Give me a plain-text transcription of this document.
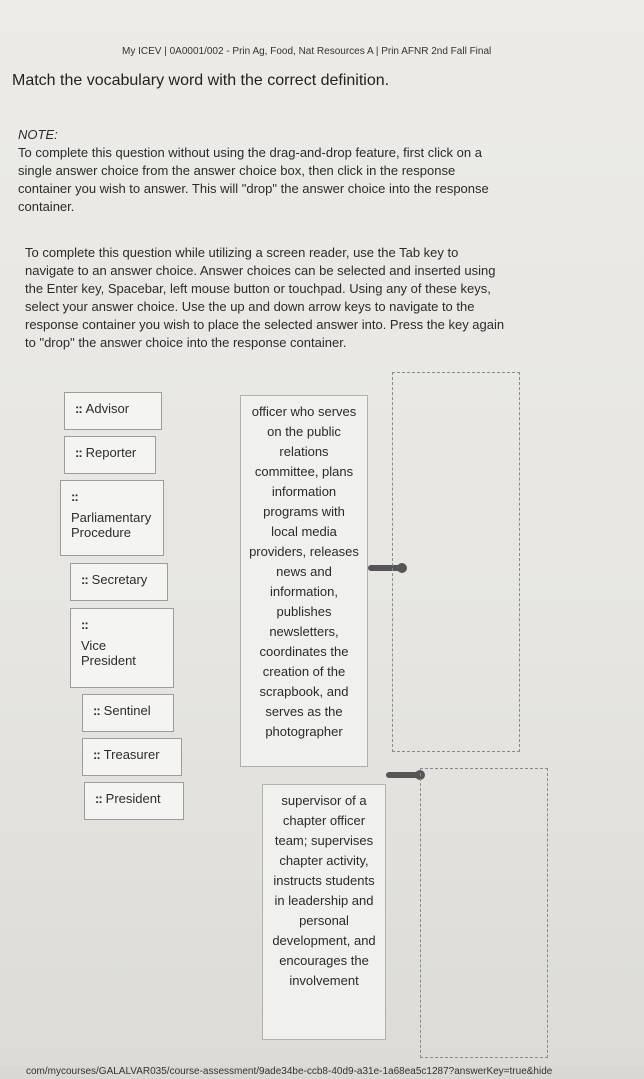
My ICEV | 0A0001/002 - Prin Ag, Food, Nat Resources A | Prin AFNR 2nd Fall Final
Match the vocabulary word with the correct definition.
NOTE:

To complete this question without using the drag-and-drop feature, first click on a single answer choice from the answer choice box, then click in the response container you wish to answer. This will "drop" the answer choice into the response container.

To complete this question while utilizing a screen reader, use the Tab key to navigate to an answer choice. Answer choices can be selected and inserted using the Enter key, Spacebar, left mouse button or touchpad. Using any of these keys, select your answer choice. Use the up and down arrow keys to navigate to the response container you wish to place the selected answer into. Press the key again to "drop" the answer choice into the response container.
:: Advisor
:: Reporter
::
Parliamentary Procedure
:: Secretary
::
Vice President
:: Sentinel
:: Treasurer
:: President
officer who serves on the public relations committee, plans information programs with local media providers, releases news and information, publishes newsletters, coordinates the creation of the scrapbook, and serves as the photographer
supervisor of a chapter officer team; supervises chapter activity, instructs students in leadership and personal development, and encourages the involvement
com/mycourses/GALALVAR035/course-assessment/9ade34be-ccb8-40d9-a31e-1a68ea5c1287?answerKey=true&hide
